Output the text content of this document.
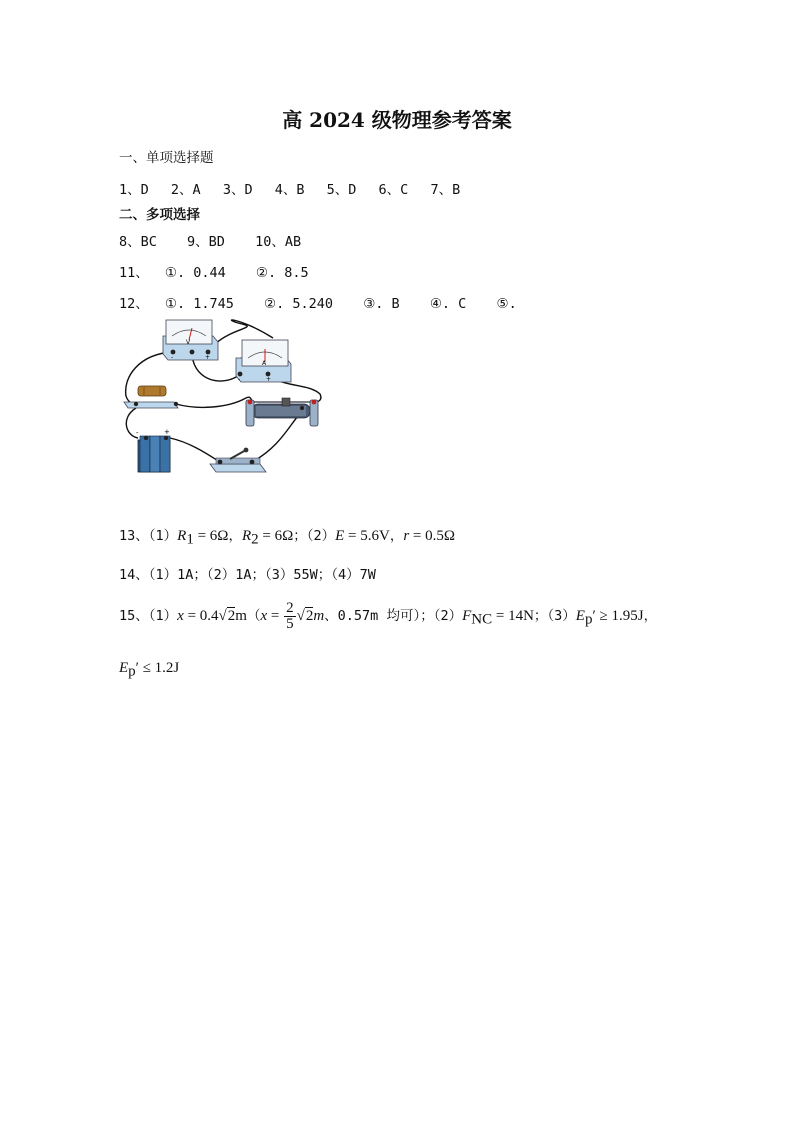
高 2024 级物理参考答案
一、单项选择题
1、D 2、A 3、D 4、B 5、D 6、C 7、B
二、多项选择
8、BC 9、BD 10、AB
11、 ①. 0.44 ②. 8.5
12、 ①. 1.745 ②. 5.240 ③. B ④. C ⑤.
V
-	+
A
-	+
-	+
13、$(1)R_1 = 6\Omega$，$R_2 = 6\Omega$；（2）E = 5.6V，r = 0.5Ω
14、（1）1A；（2）1A；（3）55W；（4）7W
15、$(1)x = 0.4√2m(x = \frac{2}{5} √2m$、0.57m 均可）；$(2)F_{NC} = 14N$；$(3)E_p' \ge 1.95J$，
$E_p' \le 1.2J$
